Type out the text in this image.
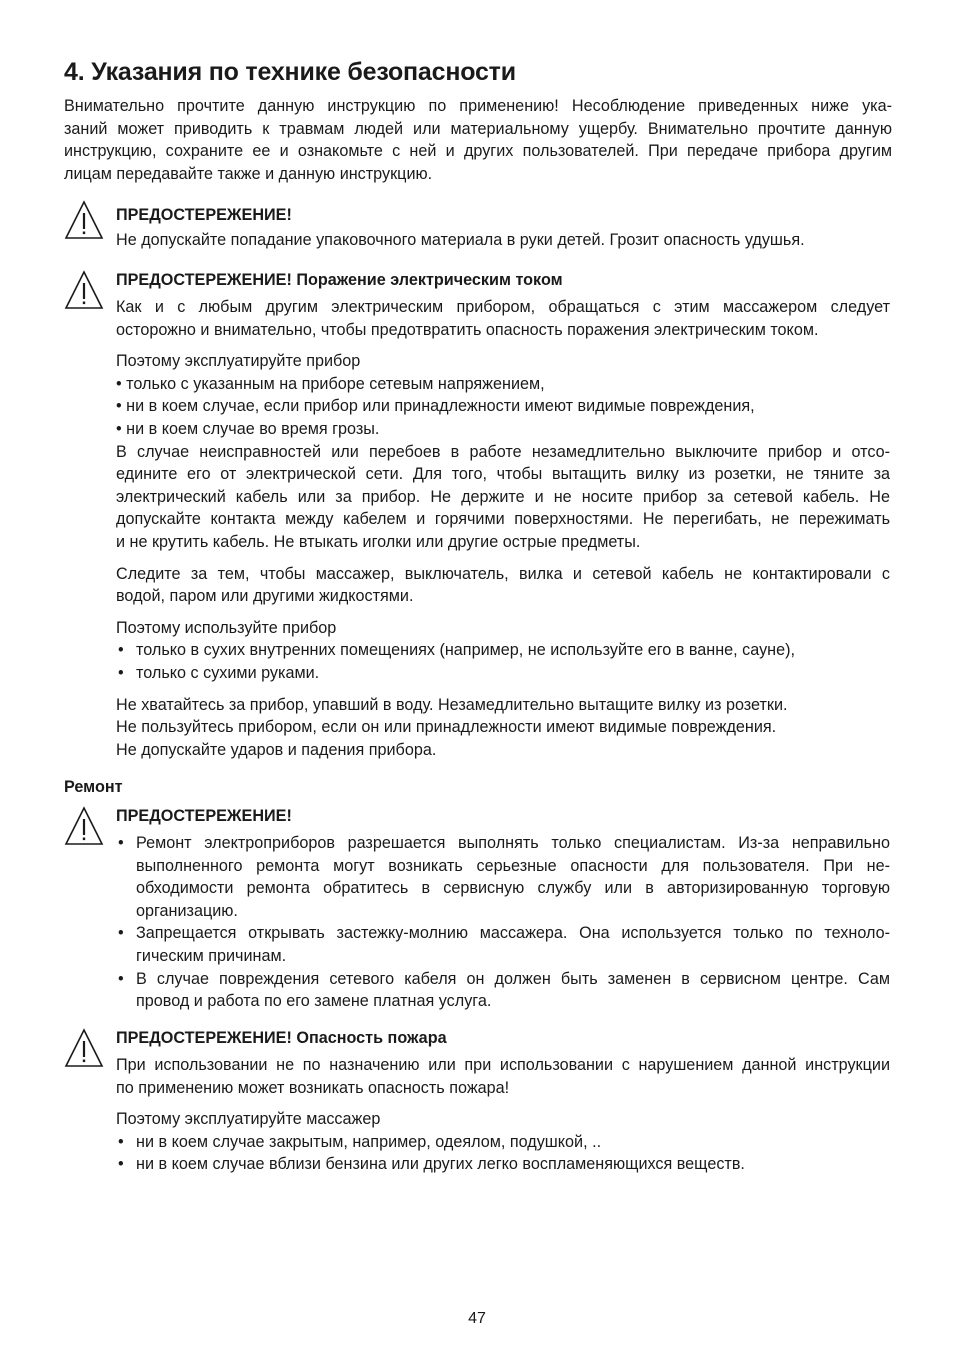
4. Указания по технике безопасности
Внимательно прочтите данную инструкцию по применению! Несоблюдение приведенных ниже ука-
заний может приводить к травмам людей или материальному ущербу. Внимательно прочтите данную
инструкцию, сохраните ее и ознакомьте с ней и других пользователей. При передаче прибора другим
лицам передавайте также и данную инструкцию.
ПРЕДОСТЕРЕЖЕНИЕ!
Не допускайте попадание упаковочного материала в руки детей. Грозит опасность удушья.
ПРЕДОСТЕРЕЖЕНИЕ! Поражение электрическим током
Как и с любым другим электрическим прибором, обращаться с этим массажером следует
осторожно и внимательно, чтобы предотвратить опасность поражения электрическим током.
Поэтому эксплуатируйте прибор
• только с указанным на приборе сетевым напряжением,
• ни в коем случае, если прибор или принадлежности имеют видимые повреждения,
• ни в коем случае во время грозы.
В случае неисправностей или перебоев в работе незамедлительно выключите прибор и отсо-
едините его от электрической сети. Для того, чтобы вытащить вилку из розетки, не тяните за
электрический кабель или за прибор. Не держите и не носите прибор за сетевой кабель. Не
допускайте контакта между кабелем и горячими поверхностями. Не перегибать, не пережимать
и не крутить кабель. Не втыкать иголки или другие острые предметы.
Следите за тем, чтобы массажер, выключатель, вилка и сетевой кабель не контактировали с
водой, паром или другими жидкостями.
Поэтому используйте прибор
• только в сухих внутренних помещениях (например, не используйте его в ванне, сауне),
• только с сухими руками.
Не хватайтесь за прибор, упавший в воду. Незамедлительно вытащите вилку из розетки.
Не пользуйтесь прибором, если он или принадлежности имеют видимые повреждения.
Не допускайте ударов и падения прибора.
Ремонт
ПРЕДОСТЕРЕЖЕНИЕ!
• Ремонт электроприборов разрешается выполнять только специалистам. Из-за неправильно
выполненного ремонта могут возникать серьезные опасности для пользователя. При не-
обходимости ремонта обратитесь в сервисную службу или в авторизированную торговую
организацию.
• Запрещается открывать застежку-молнию массажера. Она используется только по техноло-
гическим причинам.
• В случае повреждения сетевого кабеля он должен быть заменен в сервисном центре. Сам
провод и работа по его замене платная услуга.
ПРЕДОСТЕРЕЖЕНИЕ! Опасность пожара
При использовании не по назначению или при использовании с нарушением данной инструкции
по применению может возникать опасность пожара!
Поэтому эксплуатируйте массажер
• ни в коем случае закрытым, например, одеялом, подушкой, ..
• ни в коем случае вблизи бензина или других легко воспламеняющихся веществ.
47
